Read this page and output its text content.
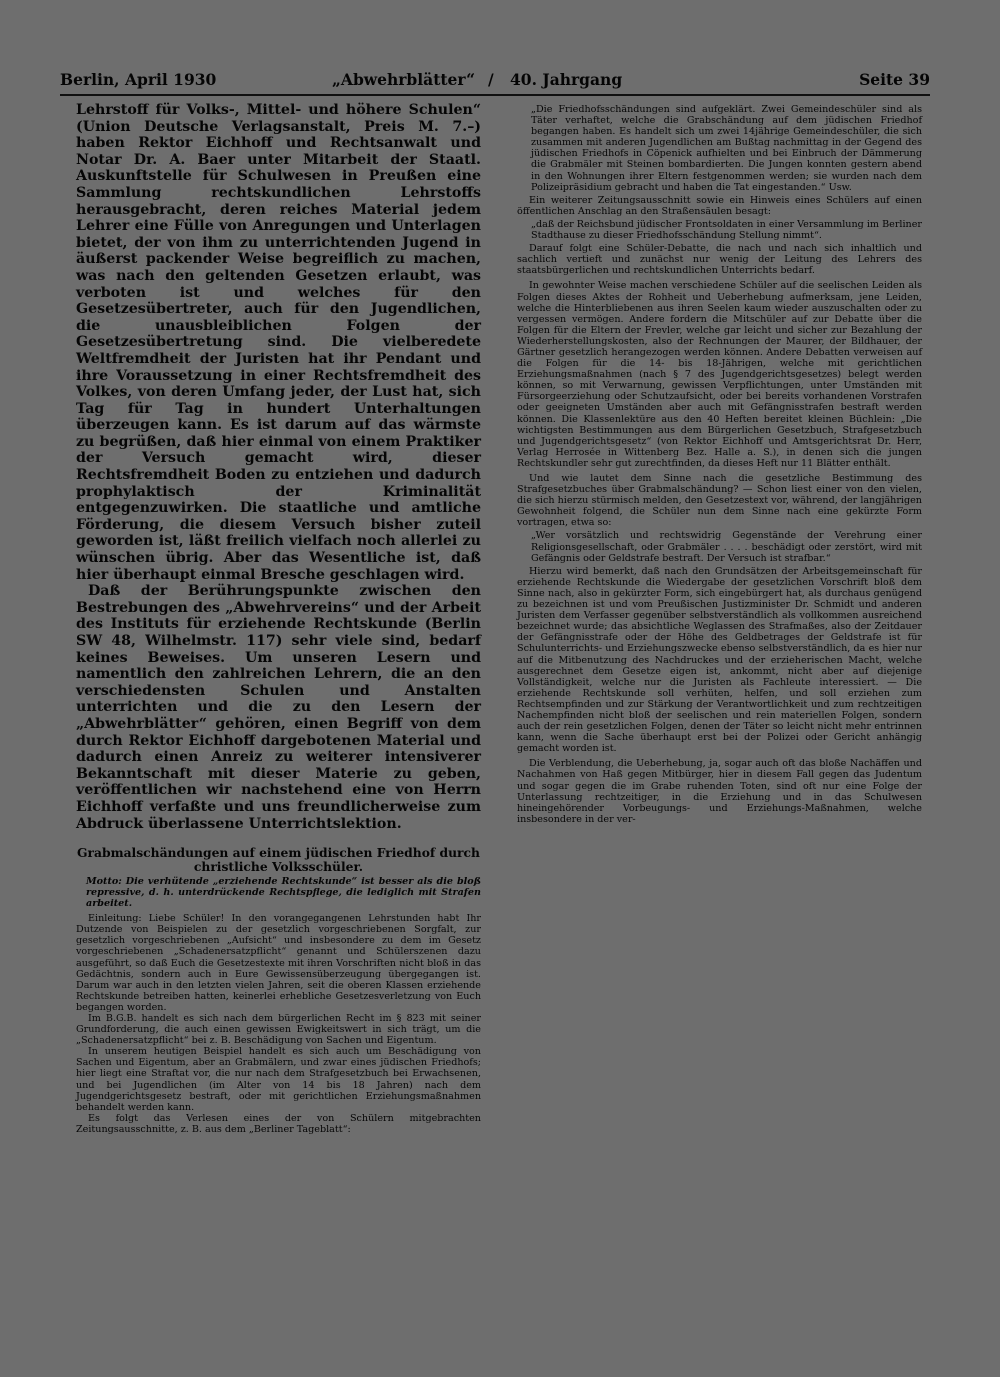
Berlin, April 1930	„Abwehrblätter“ / 40. Jahrgang	Seite 39

Lehrstoff für Volks-, Mittel- und höhere Schulen“ (Union Deutsche Verlagsanstalt, Preis M. 7.–) haben Rektor Eichhoff und Rechtsanwalt und Notar Dr. A. Baer unter Mitarbeit der Staatl. Auskunftstelle für Schulwesen in Preußen eine Sammlung rechtskundlichen Lehrstoffs herausgebracht, deren reiches Material jedem Lehrer eine Fülle von Anregungen und Unterlagen bietet, der von ihm zu unterrichtenden Jugend in äußerst packender Weise begreiflich zu machen, was nach den geltenden Gesetzen erlaubt, was verboten ist und welches für den Gesetzesübertreter, auch für den Jugendlichen, die unausbleiblichen Folgen der Gesetzesübertretung sind. Die vielberedete Weltfremdheit der Juristen hat ihr Pendant und ihre Voraussetzung in einer Rechtsfremdheit des Volkes, von deren Umfang jeder, der Lust hat, sich Tag für Tag in hundert Unterhaltungen überzeugen kann. Es ist darum auf das wärmste zu begrüßen, daß hier einmal von einem Praktiker der Versuch gemacht wird, dieser Rechtsfremdheit Boden zu entziehen und dadurch prophylaktisch der Kriminalität entgegenzuwirken. Die staatliche und amtliche Förderung, die diesem Versuch bisher zuteil geworden ist, läßt freilich vielfach noch allerlei zu wünschen übrig. Aber das Wesentliche ist, daß hier überhaupt einmal Bresche geschlagen wird.

Daß der Berührungspunkte zwischen den Bestrebungen des „Abwehrvereins“ und der Arbeit des Instituts für erziehende Rechtskunde (Berlin SW 48, Wilhelmstr. 117) sehr viele sind, bedarf keines Beweises. Um unseren Lesern und namentlich den zahlreichen Lehrern, die an den verschiedensten Schulen und Anstalten unterrichten und die zu den Lesern der „Abwehrblätter“ gehören, einen Begriff von dem durch Rektor Eichhoff dargebotenen Material und dadurch einen Anreiz zu weiterer intensiverer Bekanntschaft mit dieser Materie zu geben, veröffentlichen wir nachstehend eine von Herrn Eichhoff verfaßte und uns freundlicherweise zum Abdruck überlassene Unterrichtslektion.

Grabmalschändungen auf einem jüdischen Friedhof durch christliche Volksschüler.
Motto: Die verhütende „erziehende Rechtskunde“ ist besser als die bloß repressive, d. h. unterdrückende Rechtspflege, die lediglich mit Strafen arbeitet.

Einleitung: Liebe Schüler! In den vorangegangenen Lehrstunden habt Ihr Dutzende von Beispielen zu der gesetzlich vorgeschriebenen Sorgfalt, zur gesetzlich vorgeschriebenen „Aufsicht“ und insbesondere zu dem im Gesetz vorgeschriebenen „Schadenersatzpflicht“ genannt und Schülerszenen dazu ausgeführt, so daß Euch die Gesetzestexte mit ihren Vorschriften nicht bloß in das Gedächtnis, sondern auch in Eure Gewissensüberzeugung übergegangen ist. Darum war auch in den letzten vielen Jahren, seit die oberen Klassen erziehende Rechtskunde betreiben hatten, keinerlei erhebliche Gesetzesverletzung von Euch begangen worden.

Im B.G.B. handelt es sich nach dem bürgerlichen Recht im § 823 mit seiner Grundforderung, die auch einen gewissen Ewigkeitswert in sich trägt, um die „Schadenersatzpflicht“ bei z. B. Beschädigung von Sachen und Eigentum.

In unserem heutigen Beispiel handelt es sich auch um Beschädigung von Sachen und Eigentum, aber an Grabmälern, und zwar eines jüdischen Friedhofs; hier liegt eine Straftat vor, die nur nach dem Strafgesetzbuch bei Erwachsenen, und bei Jugendlichen (im Alter von 14 bis 18 Jahren) nach dem Jugendgerichtsgesetz bestraft, oder mit gerichtlichen Erziehungsmaßnahmen behandelt werden kann.

Es folgt das Verlesen eines der von Schülern mitgebrachten Zeitungsausschnitte, z. B. aus dem „Berliner Tageblatt“:

„Die Friedhofsschändungen sind aufgeklärt. Zwei Gemeindeschüler sind als Täter verhaftet, welche die Grabschändung auf dem jüdischen Friedhof begangen haben. Es handelt sich um zwei 14jährige Gemeindeschüler, die sich zusammen mit anderen Jugendlichen am Bußtag nachmittag in der Gegend des jüdischen Friedhofs in Cöpenick aufhielten und bei Einbruch der Dämmerung die Grabmäler mit Steinen bombardierten. Die Jungen konnten gestern abend in den Wohnungen ihrer Eltern festgenommen werden; sie wurden nach dem Polizeipräsidium gebracht und haben die Tat eingestanden.“ Usw.

Ein weiterer Zeitungsausschnitt sowie ein Hinweis eines Schülers auf einen öffentlichen Anschlag an den Straßensäulen besagt:

„daß der Reichsbund jüdischer Frontsoldaten in einer Versammlung im Berliner Stadthause zu dieser Friedhofsschändung Stellung nimmt“.

Darauf folgt eine Schüler-Debatte, die nach und nach sich inhaltlich und sachlich vertieft und zunächst nur wenig der Leitung des Lehrers des staatsbürgerlichen und rechtskundlichen Unterrichts bedarf.

In gewohnter Weise machen verschiedene Schüler auf die seelischen Leiden als Folgen dieses Aktes der Rohheit und Ueberhebung aufmerksam, jene Leiden, welche die Hinterbliebenen aus ihren Seelen kaum wieder auszuschalten oder zu vergessen vermögen. Andere fordern die Mitschüler auf zur Debatte über die Folgen für die Eltern der Frevler, welche gar leicht und sicher zur Bezahlung der Wiederherstellungskosten, also der Rechnungen der Maurer, der Bildhauer, der Gärtner gesetzlich herangezogen werden können. Andere Debatten verweisen auf die Folgen für die 14- bis 18-Jährigen, welche mit gerichtlichen Erziehungsmaßnahmen (nach § 7 des Jugendgerichtsgesetzes) belegt werden können, so mit Verwarnung, gewissen Verpflichtungen, unter Umständen mit Fürsorgeerziehung oder Schutzaufsicht, oder bei bereits vorhandenen Vorstrafen oder geeigneten Umständen aber auch mit Gefängnisstrafen bestraft werden können. Die Klassenlektüre aus den 40 Heften bereitet kleinen Büchlein: „Die wichtigsten Bestimmungen aus dem Bürgerlichen Gesetzbuch, Strafgesetzbuch und Jugendgerichtsgesetz“ (von Rektor Eichhoff und Amtsgerichtsrat Dr. Herr, Verlag Herrosée in Wittenberg Bez. Halle a. S.), in denen sich die jungen Rechtskundler sehr gut zurechtfinden, da dieses Heft nur 11 Blätter enthält.

Und wie lautet dem Sinne nach die gesetzliche Bestimmung des Strafgesetzbuches über Grabmalschändung? — Schon liest einer von den vielen, die sich hierzu stürmisch melden, den Gesetzestext vor, während, der langjährigen Gewohnheit folgend, die Schüler nun dem Sinne nach eine gekürzte Form vortragen, etwa so:

„Wer vorsätzlich und rechtswidrig Gegenstände der Verehrung einer Religionsgesellschaft, oder Grabmäler . . . . beschädigt oder zerstört, wird mit Gefängnis oder Geldstrafe bestraft. Der Versuch ist strafbar.“

Hierzu wird bemerkt, daß nach den Grundsätzen der Arbeitsgemeinschaft für erziehende Rechtskunde die Wiedergabe der gesetzlichen Vorschrift bloß dem Sinne nach, also in gekürzter Form, sich eingebürgert hat, als durchaus genügend zu bezeichnen ist und vom Preußischen Justizminister Dr. Schmidt und anderen Juristen dem Verfasser gegenüber selbstverständlich als vollkommen ausreichend bezeichnet wurde; das absichtliche Weglassen des Strafmaßes, also der Zeitdauer der Gefängnisstrafe oder der Höhe des Geldbetrages der Geldstrafe ist für Schulunterrichts- und Erziehungszwecke ebenso selbstverständlich, da es hier nur auf die Mitbenutzung des Nachdruckes und der erzieherischen Macht, welche ausgerechnet dem Gesetze eigen ist, ankommt, nicht aber auf diejenige Vollständigkeit, welche nur die Juristen als Fachleute interessiert. — Die erziehende Rechtskunde soll verhüten, helfen, und soll erziehen zum Rechtsempfinden und zur Stärkung der Verantwortlichkeit und zum rechtzeitigen Nachempfinden nicht bloß der seelischen und rein materiellen Folgen, sondern auch der rein gesetzlichen Folgen, denen der Täter so leicht nicht mehr entrinnen kann, wenn die Sache überhaupt erst bei der Polizei oder Gericht anhängig gemacht worden ist.

Die Verblendung, die Ueberhebung, ja, sogar auch oft das bloße Nachäffen und Nachahmen von Haß gegen Mitbürger, hier in diesem Fall gegen das Judentum und sogar gegen die im Grabe ruhenden Toten, sind oft nur eine Folge der Unterlassung rechtzeitiger, in die Erziehung und in das Schulwesen hineingehörender Vorbeugungs- und Erziehungs-Maßnahmen, welche insbesondere in der ver-
